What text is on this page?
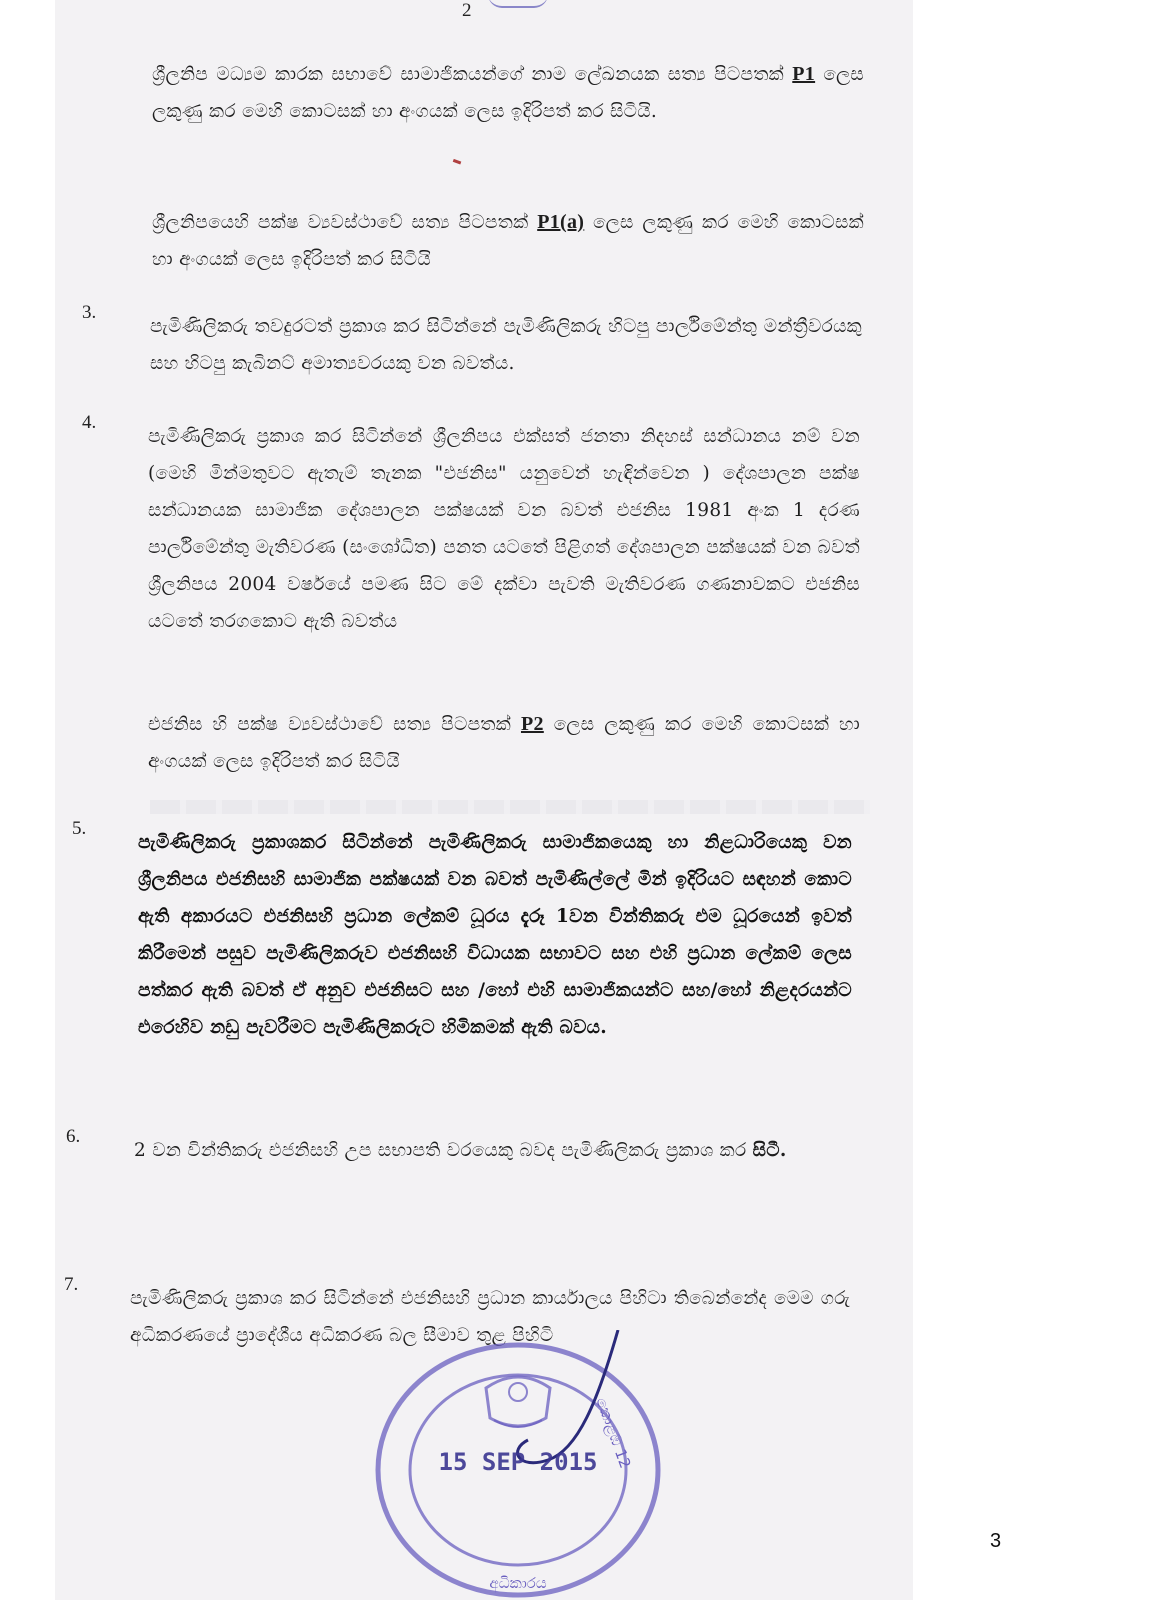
2
ශ්‍රීලනිප මධ්‍යම කාරක සභාවේ සාමාජිකයන්ගේ නාම ලේඛනයක සත්‍ය පිටපතක් P1 ලෙස ලකුණු කර මෙහි කොටසක් හා අංගයක් ලෙස ඉදිරිපත් කර සිටියි.
ශ්‍රීලනිපයෙහි පක්ෂ ව්‍යවස්ථාවේ සත්‍ය පිටපතක් P1(a) ලෙස ලකුණු කර මෙහි කොටසක් හා අංගයක් ලෙස ඉදිරිපත් කර සිටියි
3.
පැමිණිලිකරු තවදුරටත් ප්‍රකාශ කර සිටින්නේ පැමිණිලිකරු හිටපු පාර්ලිමේන්තු මන්ත්‍රීවරයකු සහ හිටපු කැබිනට් අමාත්‍යවරයකු වන බවත්ය.
4.
පැමිණිලිකරු ප්‍රකාශ කර සිටින්නේ ශ්‍රීලනිපය එක්සත් ජනතා නිදහස් සන්ධානය නම් වන (මෙහි මින්මතුවට ඇතැම් තැනක "එජනිස" යනුවෙන් හැඳින්වෙන ) දේශපාලන පක්ෂ සන්ධානයක සාමාජික දේශපාලන පක්ෂයක් වන බවත් එජනිස 1981 අංක 1 දරණ පාර්ලිමේන්තු මැතිවරණ (සංශෝධිත) පනත යටතේ පිළිගත් දේශපාලන පක්ෂයක් වන බවත් ශ්‍රීලනිපය 2004 වර්ෂයේ පමණ සිට මේ දක්වා පැවති මැතිවරණ ගණනාවකට එජනිස යටතේ තරගකොට ඇති බවත්ය
එජනිස හි පක්ෂ ව්‍යවස්ථාවේ සත්‍ය පිටපතක් P2 ලෙස ලකුණු කර මෙහි කොටසක් හා අංගයක් ලෙස ඉදිරිපත් කර සිටියි
5.
පැමිණිලිකරු ප්‍රකාශකර සිටින්නේ පැමිණිලිකරු සාමාජිකයෙකු හා නිළධාරියෙකු වන ශ්‍රීලනිපය එජනිසහි සාමාජික පක්ෂයක් වන බවත් පැමිණිල්ලේ මින් ඉදිරියට සඳහන් කොට ඇති අකාරයට එජනිසහි ප්‍රධාන ලේකම් ධූරය දැරූ 1වන වින්තිකරු එම ධූරයෙන් ඉවත් කිරීමෙන් පසුව පැමිණිලිකරුව එජනිසහි විධායක සභාවට සහ එහි ප්‍රධාන ලේකම් ලෙස පත්කර ඇති බවත් ඒ අනුව එජනිසට සහ /හෝ එහි සාමාජිකයන්ට සහ/හෝ නිළදරයන්ට එරෙහිව නඩු පැවරීමට පැමිණිලිකරුට හිමිකමක් ඇති බවය.
6.
2 වන වින්තිකරු එජනිසහි උප සභාපති වරයෙකු බවද පැමිණිලිකරු ප්‍රකාශ කර සිටී.
7.
පැමිණිලිකරු ප්‍රකාශ කර සිටින්නේ එජනිසහි ප්‍රධාන කාර්යාලය පිහිටා තිබෙන්නේද මෙම ගරු අධිකරණයේ ප්‍රාදේශීය අධිකරණ බල සීමාව තුළ පිහිටි
15 SEP 2015
කොළඹ 12
අධිකාරය
3
